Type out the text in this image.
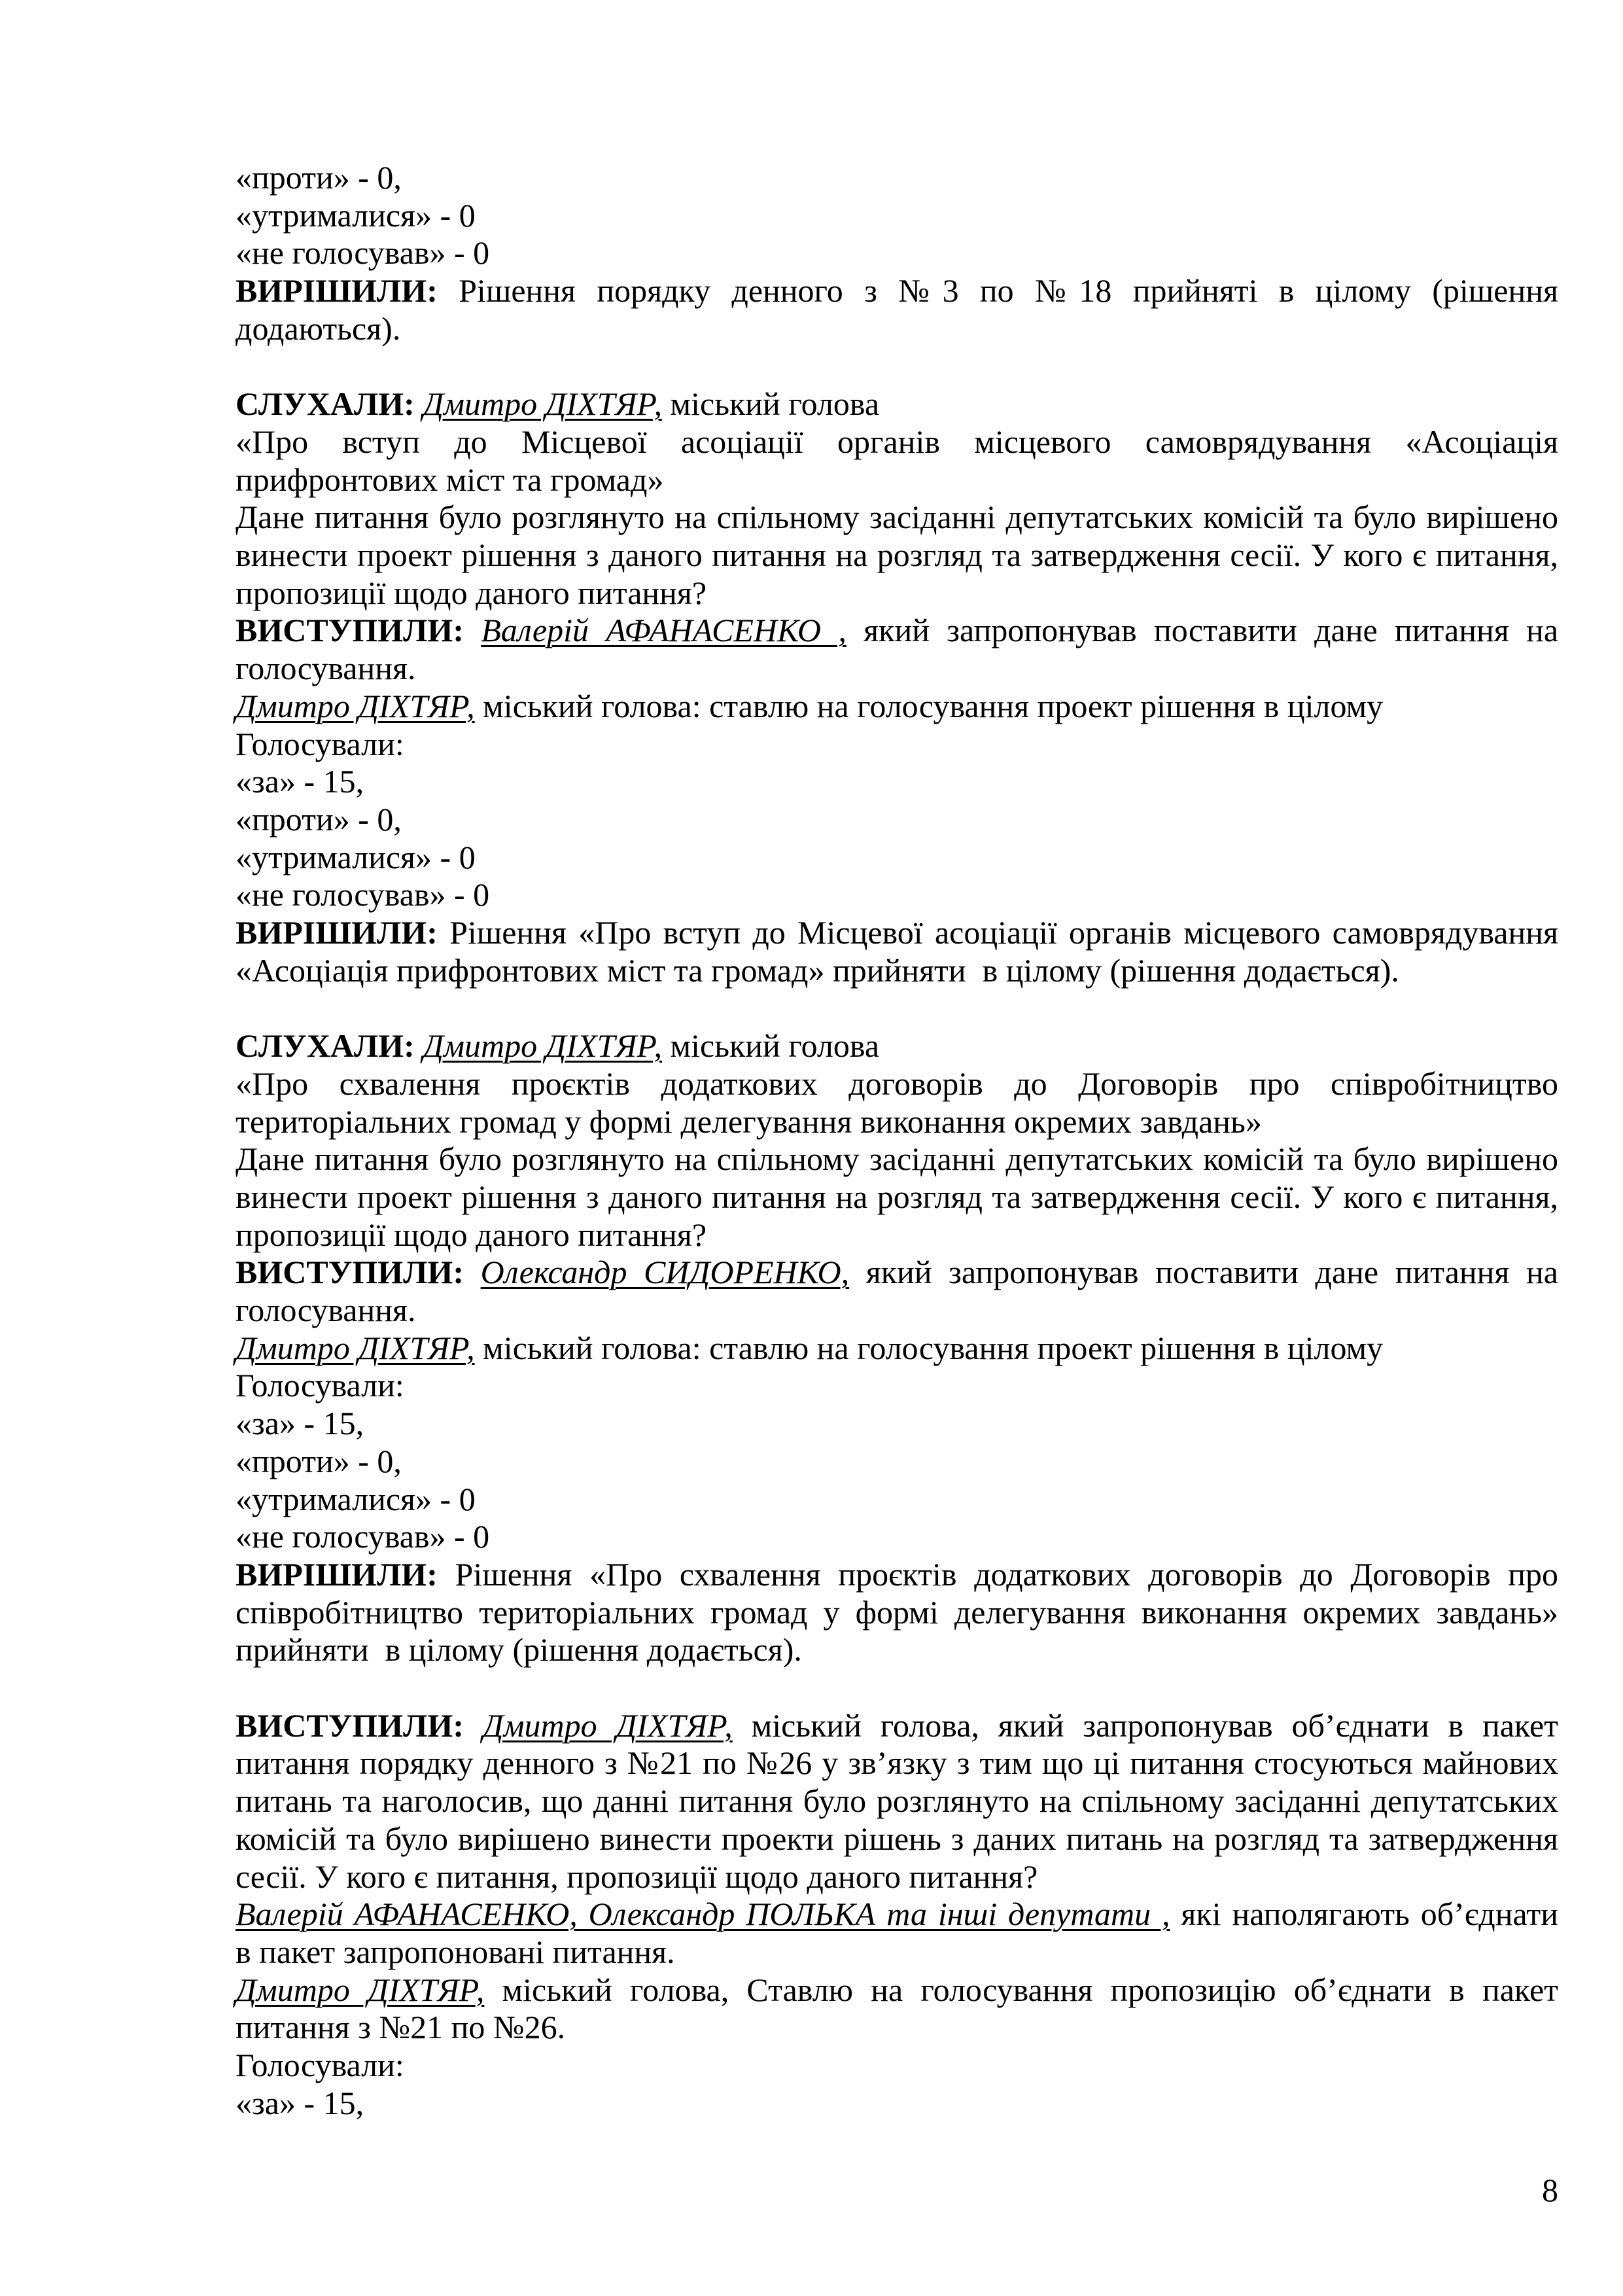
«проти» - 0,
«утрималися» - 0
«не голосував» - 0
ВИРІШИЛИ: Рішення порядку денного з №3 по №18 прийняті в цілому (рішення
додаються).
СЛУХАЛИ: Дмитро ДІХТЯР, міський голова
«Про вступ до Місцевої асоціації органів місцевого самоврядування «Асоціація
прифронтових міст та громад»
Дане питання було розглянуто на спільному засіданні депутатських комісій та було вирішено
винести проект рішення з даного питання на розгляд та затвердження сесії. У кого є питання,
пропозиції щодо даного питання?
ВИСТУПИЛИ: Валерій АФАНАСЕНКО , який запропонував поставити дане питання на
голосування.
Дмитро ДІХТЯР, міський голова: ставлю на голосування проект рішення в цілому
Голосували:
«за» - 15,
«проти» - 0,
«утрималися» - 0
«не голосував» - 0
ВИРІШИЛИ: Рішення «Про вступ до Місцевої асоціації органів місцевого самоврядування
«Асоціація прифронтових міст та громад» прийняти  в цілому (рішення додається).
СЛУХАЛИ: Дмитро ДІХТЯР, міський голова
«Про схвалення проєктів додаткових договорів до Договорів про співробітництво
територіальних громад у формі делегування виконання окремих завдань»
Дане питання було розглянуто на спільному засіданні депутатських комісій та було вирішено
винести проект рішення з даного питання на розгляд та затвердження сесії. У кого є питання,
пропозиції щодо даного питання?
ВИСТУПИЛИ: Олександр СИДОРЕНКО, який запропонував поставити дане питання на
голосування.
Дмитро ДІХТЯР, міський голова: ставлю на голосування проект рішення в цілому
Голосували:
«за» - 15,
«проти» - 0,
«утрималися» - 0
«не голосував» - 0
ВИРІШИЛИ: Рішення «Про схвалення проєктів додаткових договорів до Договорів про
співробітництво територіальних громад у формі делегування виконання окремих завдань»
прийняти  в цілому (рішення додається).
ВИСТУПИЛИ: Дмитро ДІХТЯР, міський голова, який запропонував об’єднати в пакет
питання порядку денного з №21 по №26 у зв’язку з тим що ці питання стосуються майнових
питань та наголосив, що данні питання було розглянуто на спільному засіданні депутатських
комісій та було вирішено винести проекти рішень з даних питань на розгляд та затвердження
сесії. У кого є питання, пропозиції щодо даного питання?
Валерій АФАНАСЕНКО, Олександр ПОЛЬКА та інші депутати , які наполягають об’єднати
в пакет запропоновані питання.
Дмитро ДІХТЯР, міський голова, Ставлю на голосування пропозицію об’єднати в пакет
питання з №21 по №26.
Голосували:
«за» - 15,
8
